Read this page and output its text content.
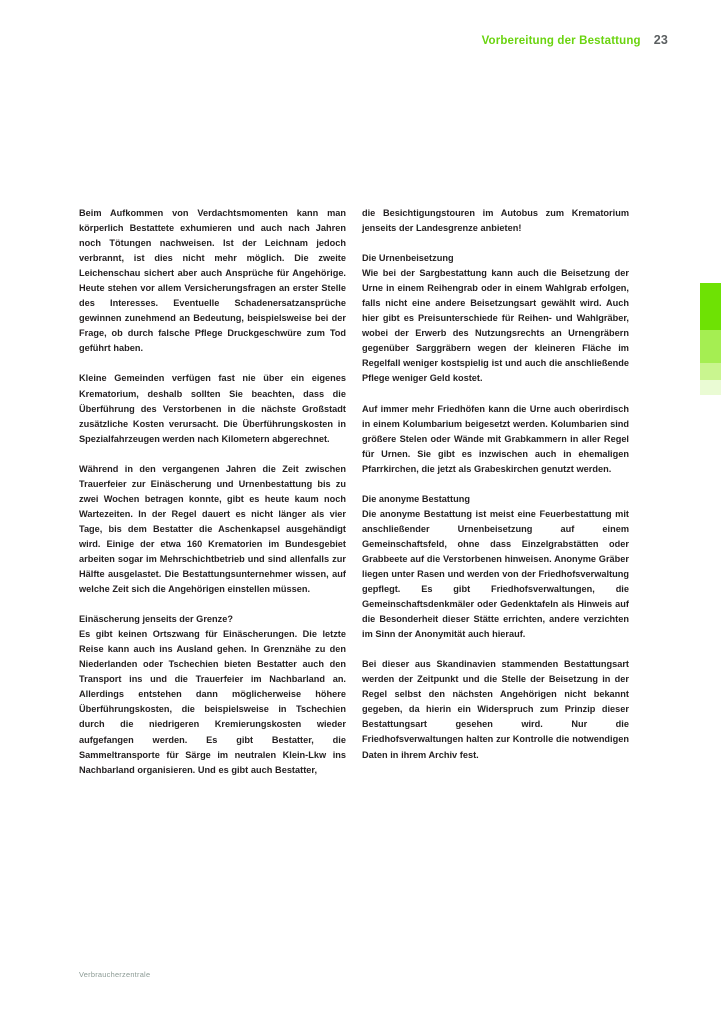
Vorbereitung der Bestattung 23

Beim Aufkommen von Verdachtsmomenten kann man körperlich Bestattete exhumieren und auch nach Jahren noch Tötungen nachweisen. Ist der Leichnam jedoch verbrannt, ist dies nicht mehr möglich. Die zweite Leichenschau sichert aber auch Ansprüche für Angehörige. Heute stehen vor allem Versicherungsfragen an erster Stelle des Interesses. Eventuelle Schadenersatzansprüche gewinnen zunehmend an Bedeutung, beispielsweise bei der Frage, ob durch falsche Pflege Druckgeschwüre zum Tod geführt haben.

Kleine Gemeinden verfügen fast nie über ein eigenes Krematorium, deshalb sollten Sie beachten, dass die Überführung des Verstorbenen in die nächste Großstadt zusätzliche Kosten verursacht. Die Überführungskosten in Spezialfahrzeugen werden nach Kilometern abgerechnet.

Während in den vergangenen Jahren die Zeit zwischen Trauerfeier zur Einäscherung und Urnenbestattung bis zu zwei Wochen betragen konnte, gibt es heute kaum noch Wartezeiten. In der Regel dauert es nicht länger als vier Tage, bis dem Bestatter die Aschenkapsel ausgehändigt wird. Einige der etwa 160 Krematorien im Bundesgebiet arbeiten sogar im Mehrschichtbetrieb und sind allenfalls zur Hälfte ausgelastet. Die Bestattungsunternehmer wissen, auf welche Zeit sich die Angehörigen einstellen müssen.

Einäscherung jenseits der Grenze?

Es gibt keinen Ortszwang für Einäscherungen. Die letzte Reise kann auch ins Ausland gehen. In Grenznähe zu den Niederlanden oder Tschechien bieten Bestatter auch den Transport ins und die Trauerfeier im Nachbarland an. Allerdings entstehen dann möglicherweise höhere Überführungskosten, die beispielsweise in Tschechien durch die niedrigeren Kremierungskosten wieder aufgefangen werden. Es gibt Bestatter, die Sammeltransporte für Särge im neutralen Klein-Lkw ins Nachbarland organisieren. Und es gibt auch Bestatter,

die Besichtigungstouren im Autobus zum Krematorium jenseits der Landesgrenze anbieten!

Die Urnenbeisetzung

Wie bei der Sargbestattung kann auch die Beisetzung der Urne in einem Reihengrab oder in einem Wahlgrab erfolgen, falls nicht eine andere Beisetzungsart gewählt wird. Auch hier gibt es Preisunterschiede für Reihen- und Wahlgräber, wobei der Erwerb des Nutzungsrechts an Urnengräbern gegenüber Sarggräbern wegen der kleineren Fläche im Regelfall weniger kostspielig ist und auch die anschließende Pflege weniger Geld kostet.

Auf immer mehr Friedhöfen kann die Urne auch oberirdisch in einem Kolumbarium beigesetzt werden. Kolumbarien sind größere Stelen oder Wände mit Grabkammern in aller Regel für Urnen. Sie gibt es inzwischen auch in ehemaligen Pfarrkirchen, die jetzt als Grabeskirchen genutzt werden.

Die anonyme Bestattung

Die anonyme Bestattung ist meist eine Feuerbestattung mit anschließender Urnenbeisetzung auf einem Gemeinschaftsfeld, ohne dass Einzelgrabstätten oder Grabbeete auf die Verstorbenen hinweisen. Anonyme Gräber liegen unter Rasen und werden von der Friedhofsverwaltung gepflegt. Es gibt Friedhofsverwaltungen, die Gemeinschaftsdenkmäler oder Gedenktafeln als Hinweis auf die Besonderheit dieser Stätte errichten, andere verzichten im Sinn der Anonymität auch hierauf.

Bei dieser aus Skandinavien stammenden Bestattungsart werden der Zeitpunkt und die Stelle der Beisetzung in der Regel selbst den nächsten Angehörigen nicht bekannt gegeben, da hierin ein Widerspruch zum Prinzip dieser Bestattungsart gesehen wird. Nur die Friedhofsverwaltungen halten zur Kontrolle die notwendigen Daten in ihrem Archiv fest.

Verbraucherzentrale
